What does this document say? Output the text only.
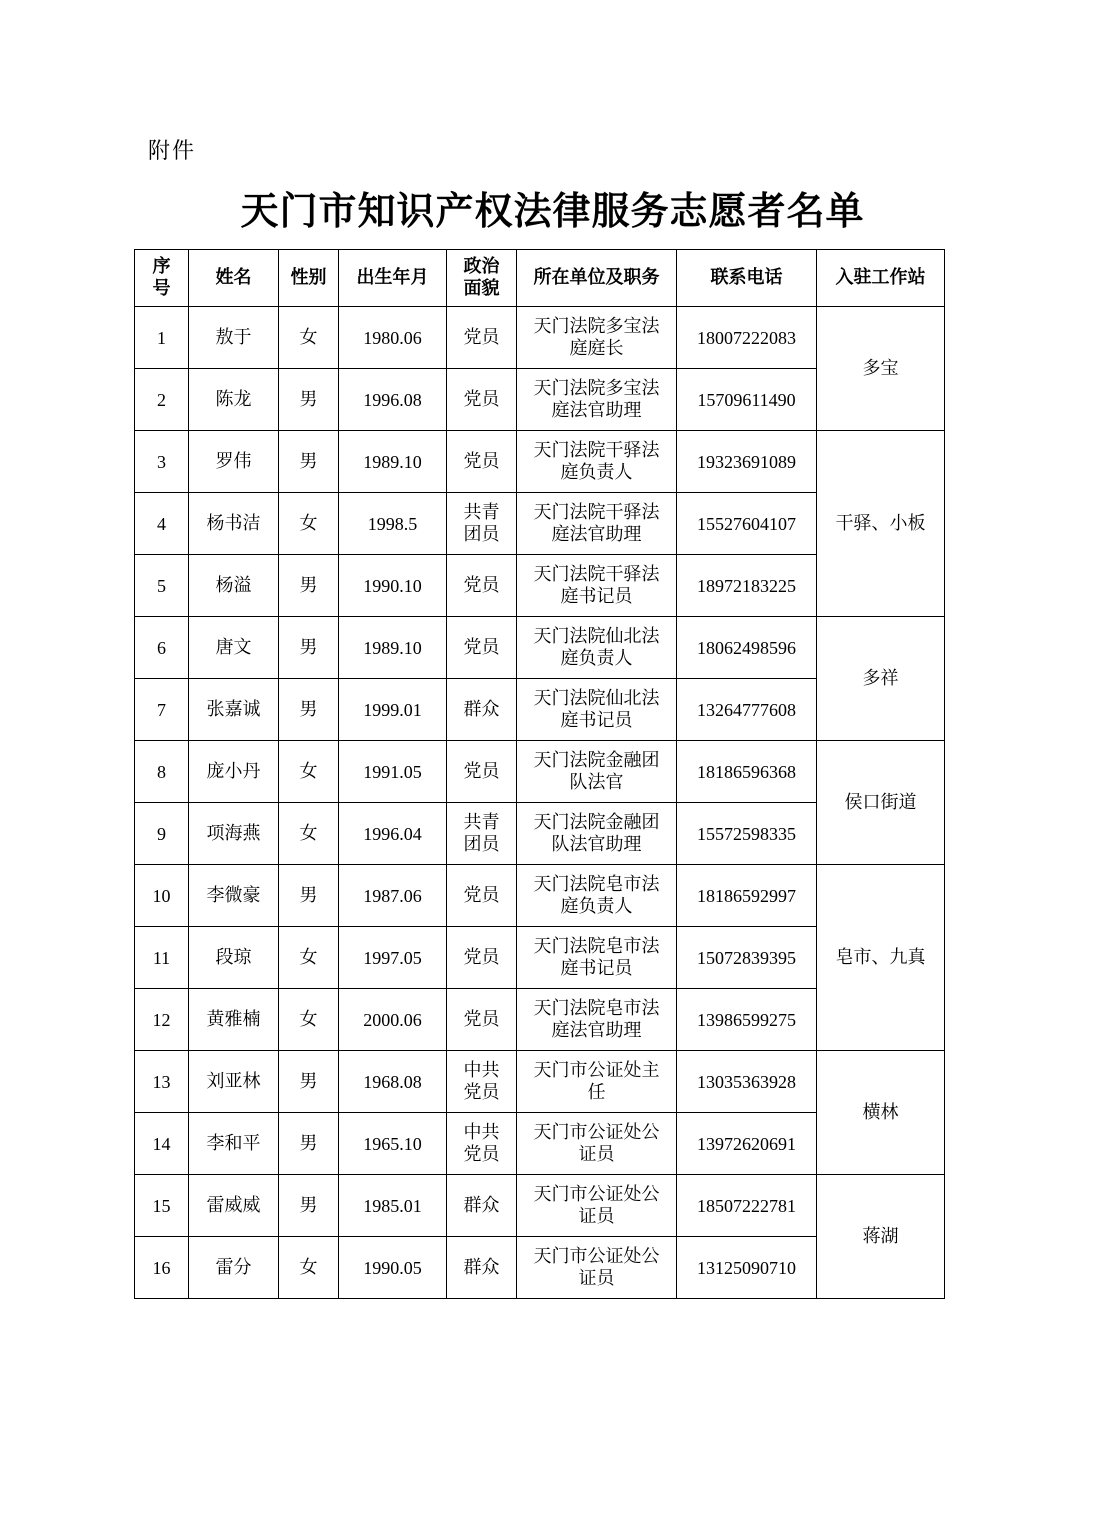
附件
天门市知识产权法律服务志愿者名单
序号	姓名	性别	出生年月	政治面貌	所在单位及职务	联系电话	入驻工作站
1	敖于	女	1980.06	党员	天门法院多宝法庭庭长	18007222083	多宝
2	陈龙	男	1996.08	党员	天门法院多宝法庭法官助理	15709611490	
3	罗伟	男	1989.10	党员	天门法院干驿法庭负责人	19323691089	干驿、小板
4	杨书洁	女	1998.5	共青团员	天门法院干驿法庭法官助理	15527604107	
5	杨溢	男	1990.10	党员	天门法院干驿法庭书记员	18972183225	
6	唐文	男	1989.10	党员	天门法院仙北法庭负责人	18062498596	多祥
7	张嘉诚	男	1999.01	群众	天门法院仙北法庭书记员	13264777608	
8	庞小丹	女	1991.05	党员	天门法院金融团队法官	18186596368	侯口街道
9	项海燕	女	1996.04	共青团员	天门法院金融团队法官助理	15572598335	
10	李微豪	男	1987.06	党员	天门法院皂市法庭负责人	18186592997	皂市、九真
11	段琼	女	1997.05	党员	天门法院皂市法庭书记员	15072839395	
12	黄雅楠	女	2000.06	党员	天门法院皂市法庭法官助理	13986599275	
13	刘亚林	男	1968.08	中共党员	天门市公证处主任	13035363928	横林
14	李和平	男	1965.10	中共党员	天门市公证处公证员	13972620691	
15	雷威威	男	1985.01	群众	天门市公证处公证员	18507222781	蒋湖
16	雷分	女	1990.05	群众	天门市公证处公证员	13125090710	
